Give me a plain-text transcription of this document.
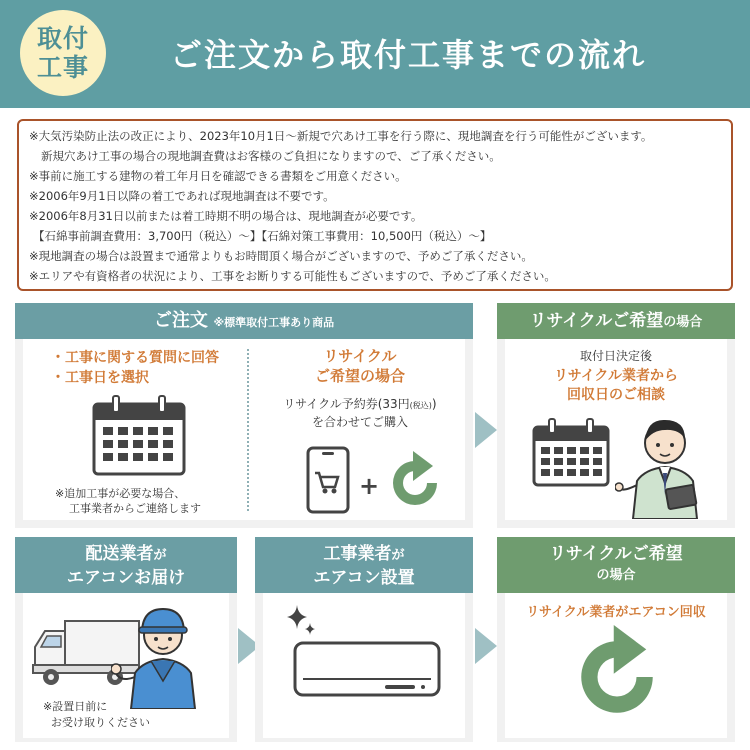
取付工事	ご注文から取付工事までの流れ
※大気汚染防止法の改正により、2023年10月1日～新規で穴あけ工事を行う際に、現地調査を行う可能性がございます。
新規穴あけ工事の場合の現地調査費はお客様のご負担になりますので、ご了承ください。
※事前に施工する建物の着工年月日を確認できる書類をご用意ください。
※2006年9月1日以降の着工であれば現地調査は不要です。
※2006年8月31日以前または着工時期不明の場合は、現地調査が必要です。
【石綿事前調査費用：3,700円（税込）～】【石綿対策工事費用：10,500円（税込）～】
※現地調査の場合は設置まで通常よりもお時間頂く場合がございますので、予めご了承ください。
※エリアや有資格者の状況により、工事をお断りする可能性もございますので、予めご了承ください。
ご注文 ※標準取付工事あり商品
・工事に関する質問に回答
・工事日を選択
※追加工事が必要な場合、
工事業者からご連絡します
リサイクル
ご希望の場合
リサイクル予約券(33円(税込))
を合わせてご購入
+
リサイクルご希望の場合
取付日決定後
リサイクル業者から
回収日のご相談
配送業者が
エアコンお届け
※設置日前に
お受け取りください
工事業者が
エアコン設置
リサイクルご希望
の場合
リサイクル業者がエアコン回収
